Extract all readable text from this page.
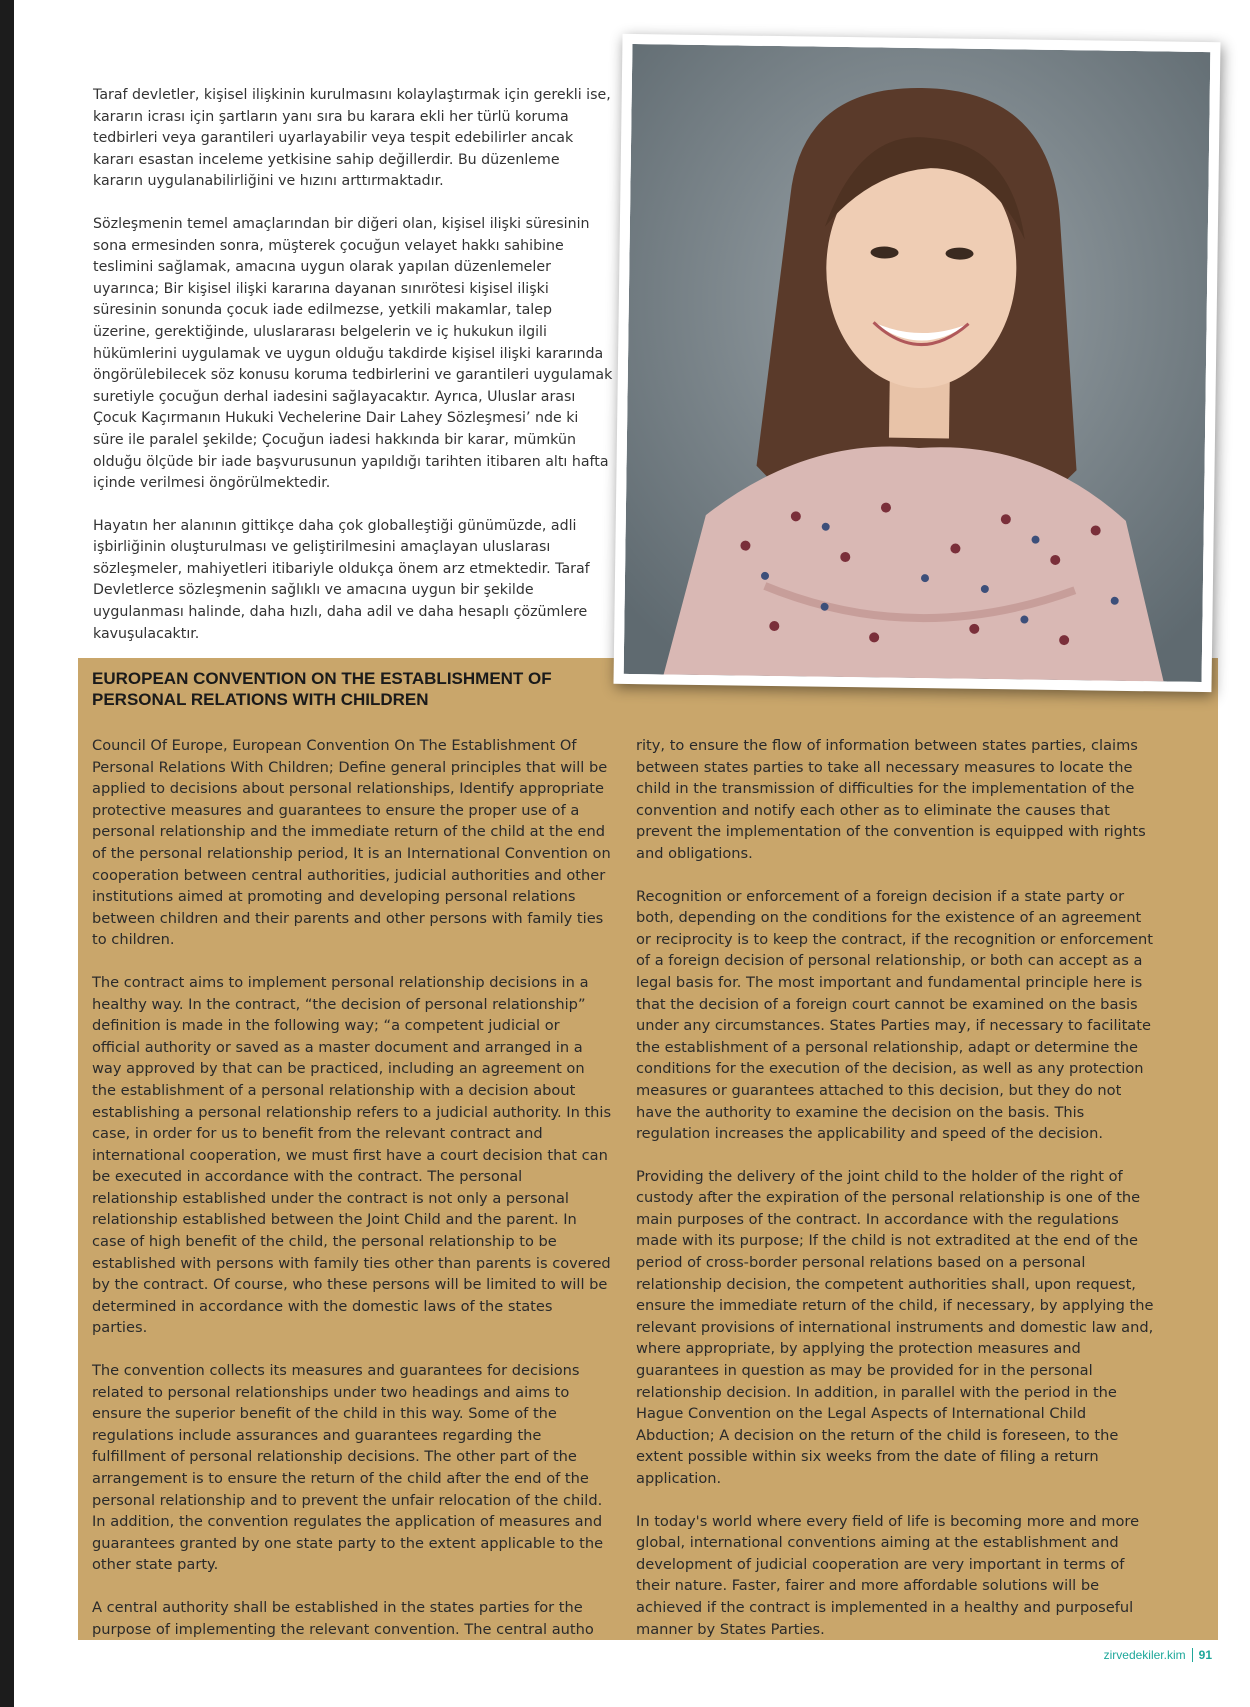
Taraf devletler, kişisel ilişkinin kurulmasını kolaylaştırmak için gerekli ise, kararın icrası için şartların yanı sıra bu karara ekli her türlü koruma tedbirleri veya garantileri uyarlayabilir veya tespit edebilirler ancak kararı esastan inceleme yetkisine sahip değillerdir. Bu düzenleme kararın uygulanabilirliğini ve hızını arttırmaktadır.

Sözleşmenin temel amaçlarından bir diğeri olan, kişisel ilişki süresinin sona ermesinden sonra, müşterek çocuğun velayet hakkı sahibine teslimini sağlamak, amacına uygun olarak yapılan düzenlemeler uyarınca; Bir kişisel ilişki kararına dayanan sınırötesi kişisel ilişki süresinin sonunda çocuk iade edilmezse, yetkili makamlar, talep üzerine, gerektiğinde, uluslararası belgelerin ve iç hukukun ilgili hükümlerini uygulamak ve uygun olduğu takdirde kişisel ilişki kararında öngörülebilecek söz konusu koruma tedbirlerini ve garantileri uygulamak suretiyle çocuğun derhal iadesini sağlayacaktır. Ayrıca, Uluslar arası Çocuk Kaçırmanın Hukuki Vechelerine Dair Lahey Sözleşmesi’ nde ki süre ile paralel şekilde; Çocuğun iadesi hakkında bir karar, mümkün olduğu ölçüde bir iade başvurusunun yapıldığı tarihten itibaren altı hafta içinde verilmesi öngörülmektedir.

Hayatın her alanının gittikçe daha çok globalleştiği günümüzde, adli işbirliğinin oluşturulması ve geliştirilmesini amaçlayan uluslarası sözleşmeler, mahiyetleri itibariyle oldukça önem arz etmektedir. Taraf Devletlerce sözleşmenin sağlıklı ve amacına uygun bir şekilde uygulanması halinde, daha hızlı, daha adil ve daha hesaplı çözümlere kavuşulacaktır.

EUROPEAN CONVENTION ON THE ESTABLISHMENT OF
PERSONAL RELATIONS WITH CHILDREN

Council Of Europe, European Convention On The Establishment Of Personal Relations With Children; Define general principles that will be applied to decisions about personal relationships, Identify appropriate protective measures and guarantees to ensure the proper use of a personal relationship and the immediate return of the child at the end of the personal relationship period, It is an International Convention on cooperation between central authorities, judicial authorities and other institutions aimed at promoting and developing personal relations between children and their parents and other persons with family ties to children.

The contract aims to implement personal relationship decisions in a healthy way. In the contract, “the decision of personal relationship” definition is made in the following way; “a competent judicial or official authority or saved as a master document and arranged in a way approved by that can be practiced, including an agreement on the establishment of a personal relationship with a decision about establishing a personal relationship refers to a judicial authority. In this case, in order for us to benefit from the relevant contract and international cooperation, we must first have a court decision that can be executed in accordance with the contract. The personal relationship established under the contract is not only a personal relationship established between the Joint Child and the parent. In case of high benefit of the child, the personal relationship to be established with persons with family ties other than parents is covered by the contract. Of course, who these persons will be limited to will be determined in accordance with the domestic laws of the states parties.

The convention collects its measures and guarantees for decisions related to personal relationships under two headings and aims to ensure the superior benefit of the child in this way. Some of the regulations include assurances and guarantees regarding the fulfillment of personal relationship decisions. The other part of the arrangement is to ensure the return of the child after the end of the personal relationship and to prevent the unfair relocation of the child. In addition, the convention regulates the application of measures and guarantees granted by one state party to the extent applicable to the other state party.

A central authority shall be established in the states parties for the purpose of implementing the relevant convention. The central autho

rity, to ensure the flow of information between states parties, claims between states parties to take all necessary measures to locate the child in the transmission of difficulties for the implementation of the convention and notify each other as to eliminate the causes that prevent the implementation of the convention is equipped with rights and obligations.

Recognition or enforcement of a foreign decision if a state party or both, depending on the conditions for the existence of an agreement or reciprocity is to keep the contract, if the recognition or enforcement of a foreign decision of personal relationship, or both can accept as a legal basis for. The most important and fundamental principle here is that the decision of a foreign court cannot be examined on the basis under any circumstances. States Parties may, if necessary to facilitate the establishment of a personal relationship, adapt or determine the conditions for the execution of the decision, as well as any protection measures or guarantees attached to this decision, but they do not have the authority to examine the decision on the basis. This regulation increases the applicability and speed of the decision.

Providing the delivery of the joint child to the holder of the right of custody after the expiration of the personal relationship is one of the main purposes of the contract. In accordance with the regulations made with its purpose; If the child is not extradited at the end of the period of cross-border personal relations based on a personal relationship decision, the competent authorities shall, upon request, ensure the immediate return of the child, if necessary, by applying the relevant provisions of international instruments and domestic law and, where appropriate, by applying the protection measures and guarantees in question as may be provided for in the personal relationship decision. In addition, in parallel with the period in the Hague Convention on the Legal Aspects of International Child Abduction; A decision on the return of the child is foreseen, to the extent possible within six weeks from the date of filing a return application.

In today's world where every field of life is becoming more and more global, international conventions aiming at the establishment and development of judicial cooperation are very important in terms of their nature. Faster, fairer and more affordable solutions will be achieved if the contract is implemented in a healthy and purposeful manner by States Parties.

zirvedekiler.kim 91
